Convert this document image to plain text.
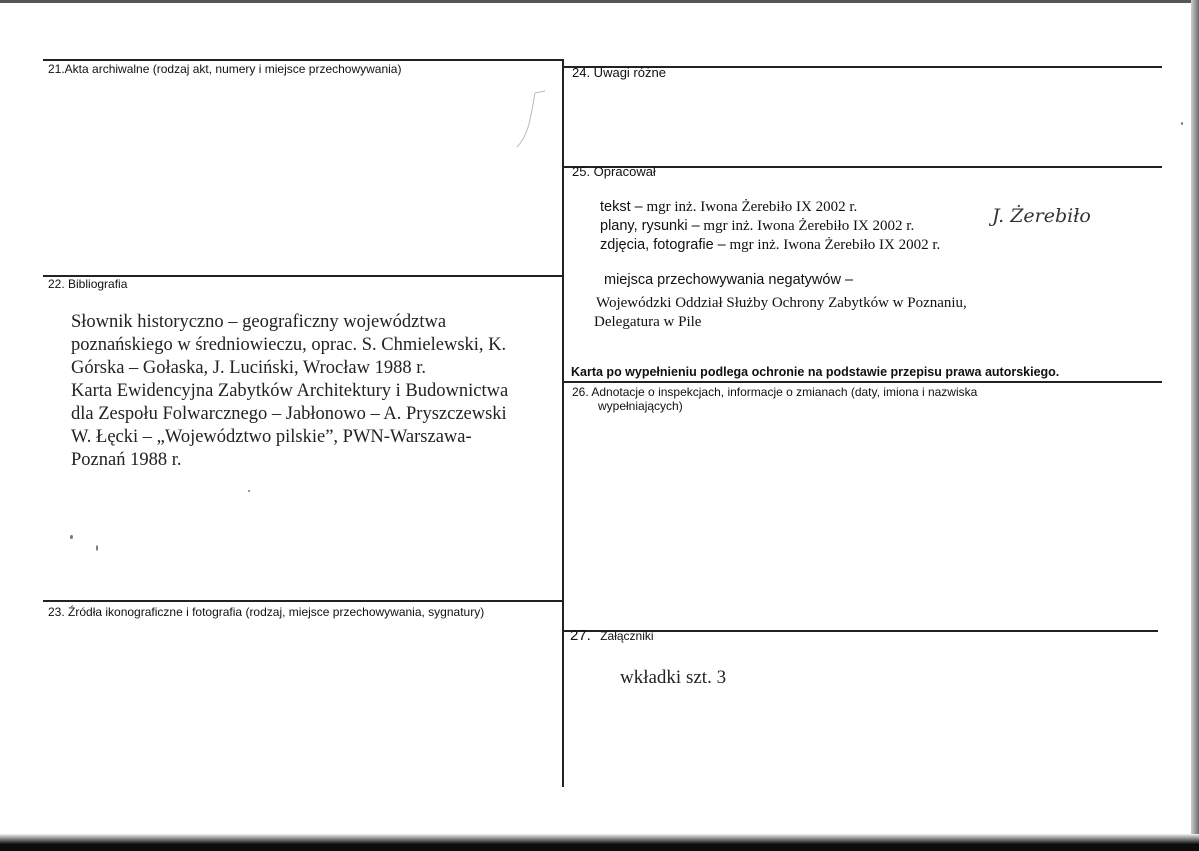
21.Akta archiwalne (rodzaj akt, numery i miejsce przechowywania)	24. Uwagi różne
25. Opracował
tekst – mgr inż. Iwona Żerebiło IX 2002 r.
plany, rysunki – mgr inż. Iwona Żerebiło IX 2002 r.
zdjęcia, fotografie – mgr inż. Iwona Żerebiło IX 2002 r.
J. Żerebiło
miejsca przechowywania negatywów –
Wojewódzki Oddział Służby Ochrony Zabytków w Poznaniu,
Delegatura w Pile
Karta po wypełnieniu podlega ochronie na podstawie przepisu prawa autorskiego.
26. Adnotacje o inspekcjach, informacje o zmianach (daty, imiona i nazwiska
wypełniających)
22. Bibliografia
Słownik historyczno – geograficzny województwa
poznańskiego w średniowieczu, oprac. S. Chmielewski, K.
Górska – Gołaska, J. Luciński, Wrocław 1988 r.
Karta Ewidencyjna Zabytków Architektury i Budownictwa
dla Zespołu Folwarcznego – Jabłonowo – A. Pryszczewski
W. Łęcki – „Województwo pilskie”, PWN-Warszawa-
Poznań 1988 r.
23. Źródła ikonograficzne i fotografia (rodzaj, miejsce przechowywania, sygnatury)
27. Załączniki
wkładki szt. 3
